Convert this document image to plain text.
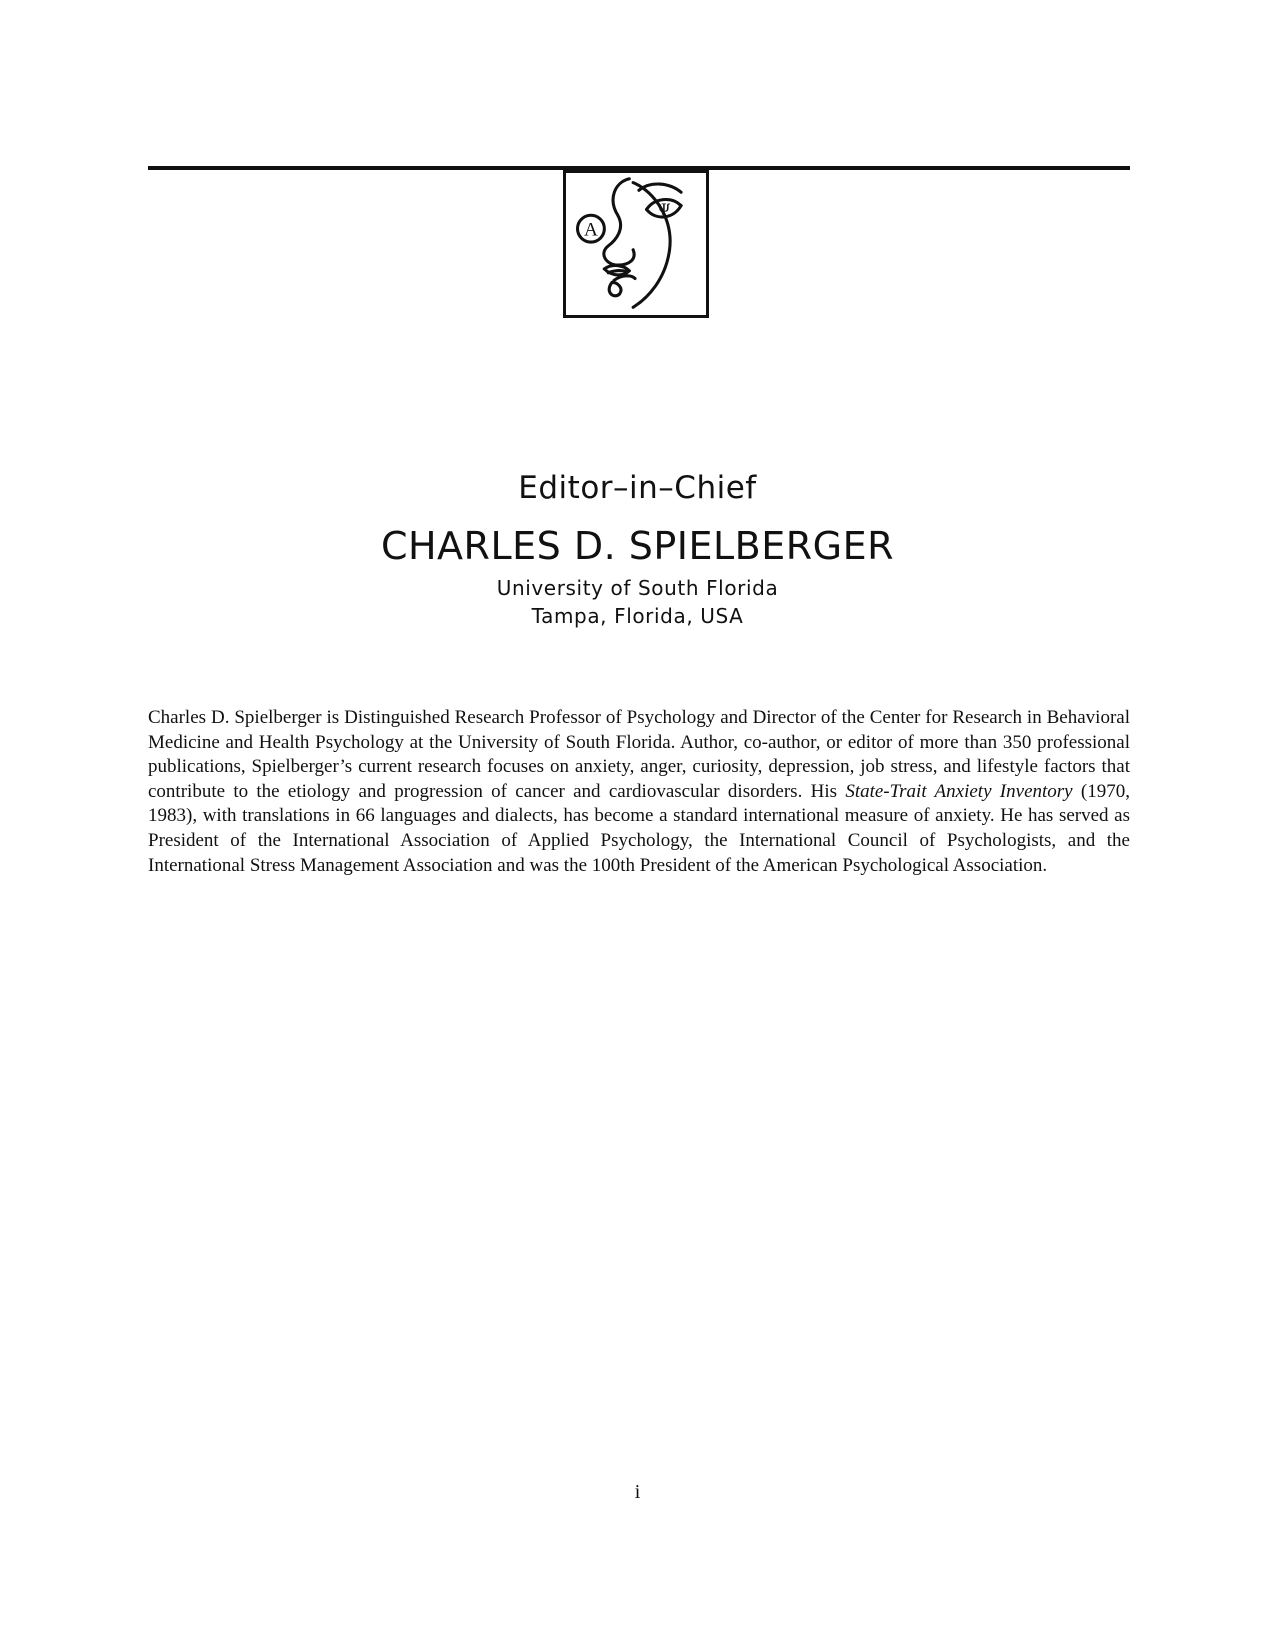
A
Ψ
Editor–in–Chief
CHARLES D. SPIELBERGER
University of South Florida
Tampa, Florida, USA

Charles D. Spielberger is Distinguished Research Professor of Psychology and Director of the Center for Research in Behavioral Medicine and Health Psychology at the University of South Florida. Author, co-author, or editor of more than 350 professional publications, Spielberger’s current research focuses on anxiety, anger, curiosity, depression, job stress, and lifestyle factors that contribute to the etiology and progression of cancer and cardiovascular disorders. His State-Trait Anxiety Inventory (1970, 1983), with translations in 66 languages and dialects, has become a standard international measure of anxiety. He has served as President of the International Association of Applied Psychology, the International Council of Psychologists, and the International Stress Management Association and was the 100th President of the American Psychological Association.

i
